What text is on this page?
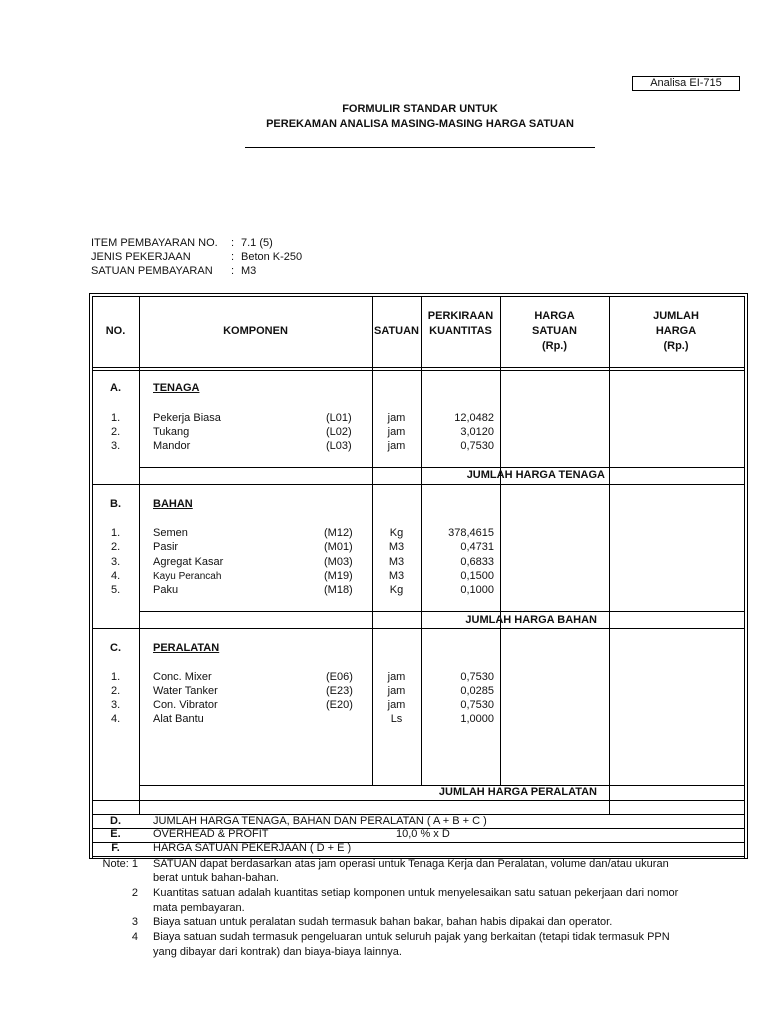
Analisa EI-715
FORMULIR STANDAR UNTUK
PEREKAMAN ANALISA MASING-MASING HARGA SATUAN
ITEM PEMBAYARAN NO. : 7.1 (5)
JENIS PEKERJAAN	: Beton K-250
SATUAN PEMBAYARAN : M3
NO.	KOMPONEN	SATUAN
PERKIRAAN
KUANTITAS
HARGA
SATUAN
(Rp.)
JUMLAH
HARGA
(Rp.)
A.	TENAGA
1.	Pekerja Biasa	(L01)	jam	12,0482
2.	Tukang	(L02)	jam	3,0120
3.	Mandor	(L03)	jam	0,7530
JUMLAH HARGA TENAGA
B.	BAHAN
1.	Semen	(M12)	Kg	378,4615
2.	Pasir	(M01)	M3	0,4731
3.	Agregat Kasar	(M03)	M3	0,6833
4.	Kayu Perancah	(M19)	M3	0,1500
5.	Paku	(M18)	Kg	0,1000
JUMLAH HARGA BAHAN
C.	PERALATAN
1.	Conc. Mixer	(E06)	jam	0,7530
2.	Water Tanker	(E23)	jam	0,0285
3.	Con. Vibrator	(E20)	jam	0,7530
4.	Alat Bantu	Ls	1,0000
JUMLAH HARGA PERALATAN
D.	JUMLAH HARGA TENAGA, BAHAN DAN PERALATAN ( A + B + C )
E.	OVERHEAD & PROFIT	10,0 % x D
F.	HARGA SATUAN PEKERJAAN ( D + E )
Note: 1 SATUAN dapat berdasarkan atas jam operasi untuk Tenaga Kerja dan Peralatan, volume dan/atau ukuran
berat untuk bahan-bahan.
2 Kuantitas satuan adalah kuantitas setiap komponen untuk menyelesaikan satu satuan pekerjaan dari nomor
mata pembayaran.
3 Biaya satuan untuk peralatan sudah termasuk bahan bakar, bahan habis dipakai dan operator.
4 Biaya satuan sudah termasuk pengeluaran untuk seluruh pajak yang berkaitan (tetapi tidak termasuk PPN
yang dibayar dari kontrak) dan biaya-biaya lainnya.
